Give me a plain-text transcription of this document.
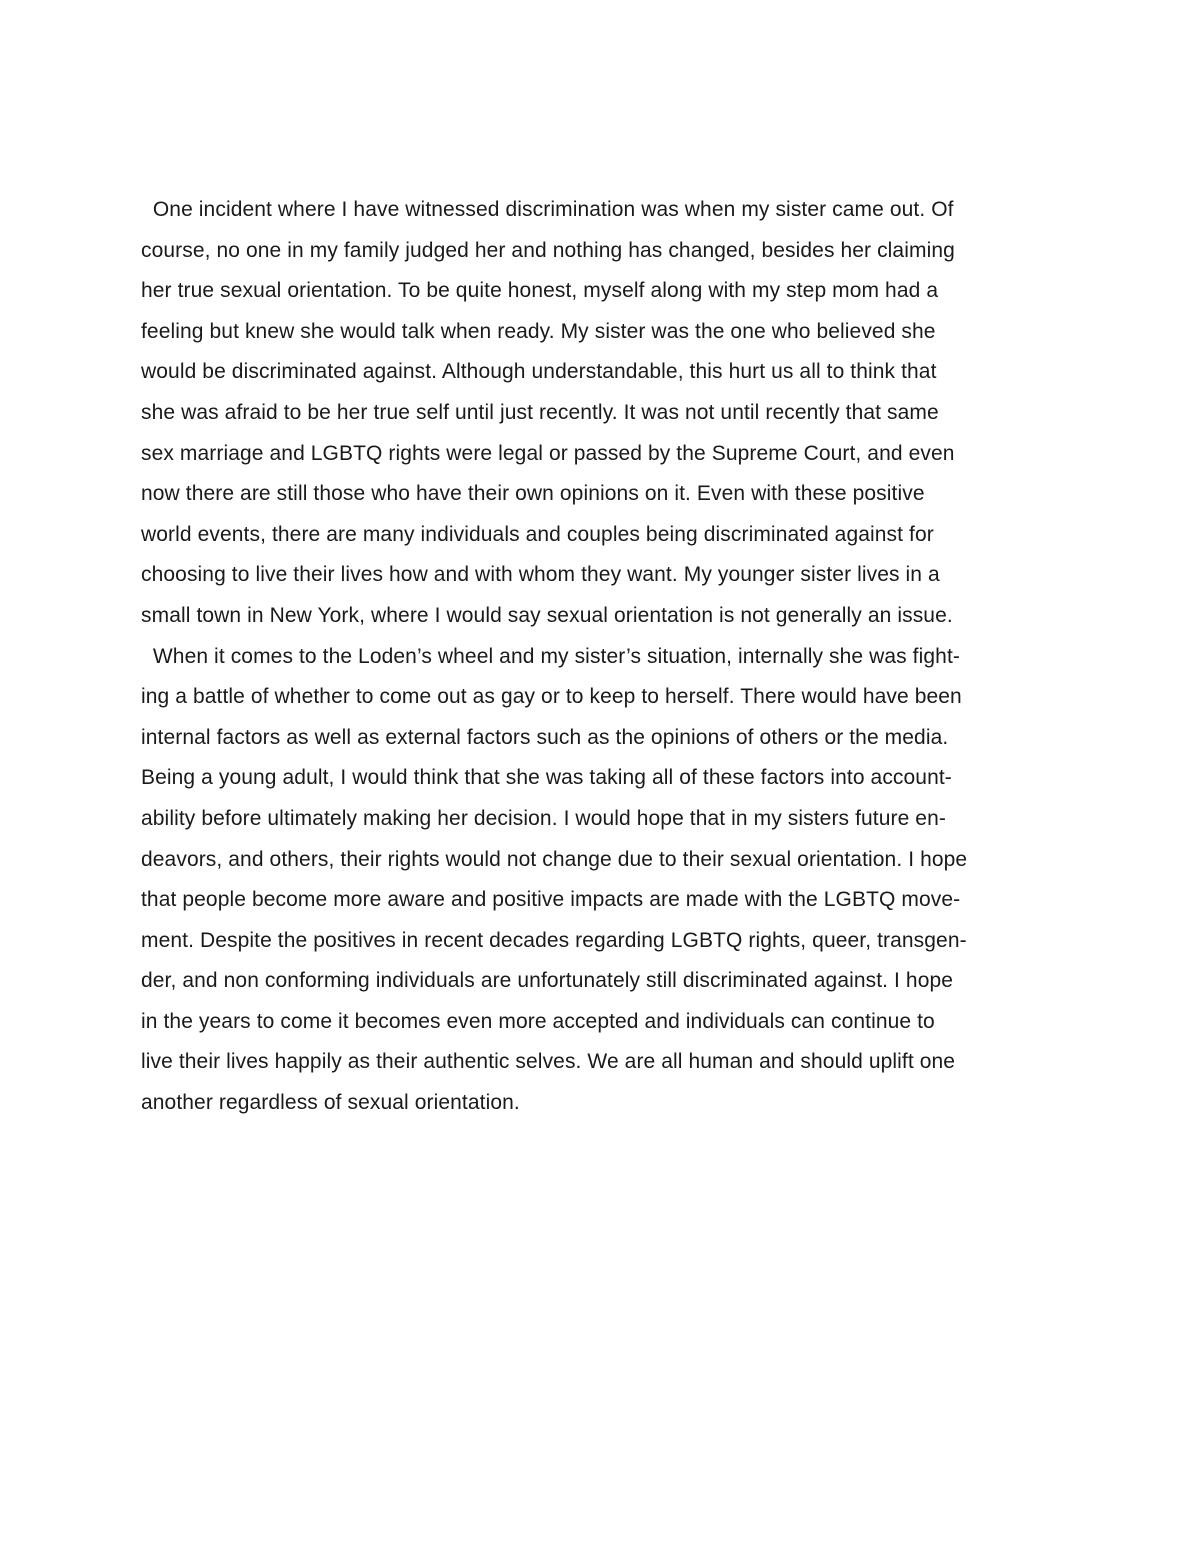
One incident where I have witnessed discrimination was when my sister came out. Of
course, no one in my family judged her and nothing has changed, besides her claiming
her true sexual orientation. To be quite honest, myself along with my step mom had a
feeling but knew she would talk when ready. My sister was the one who believed she
would be discriminated against. Although understandable, this hurt us all to think that
she was afraid to be her true self until just recently. It was not until recently that same
sex marriage and LGBTQ rights were legal or passed by the Supreme Court, and even
now there are still those who have their own opinions on it. Even with these positive
world events, there are many individuals and couples being discriminated against for
choosing to live their lives how and with whom they want. My younger sister lives in a
small town in New York, where I would say sexual orientation is not generally an issue.
When it comes to the Loden’s wheel and my sister’s situation, internally she was fight-
ing a battle of whether to come out as gay or to keep to herself. There would have been
internal factors as well as external factors such as the opinions of others or the media.
Being a young adult, I would think that she was taking all of these factors into account-
ability before ultimately making her decision. I would hope that in my sisters future en-
deavors, and others, their rights would not change due to their sexual orientation. I hope
that people become more aware and positive impacts are made with the LGBTQ move-
ment. Despite the positives in recent decades regarding LGBTQ rights, queer, transgen-
der, and non conforming individuals are unfortunately still discriminated against. I hope
in the years to come it becomes even more accepted and individuals can continue to
live their lives happily as their authentic selves. We are all human and should uplift one
another regardless of sexual orientation.
